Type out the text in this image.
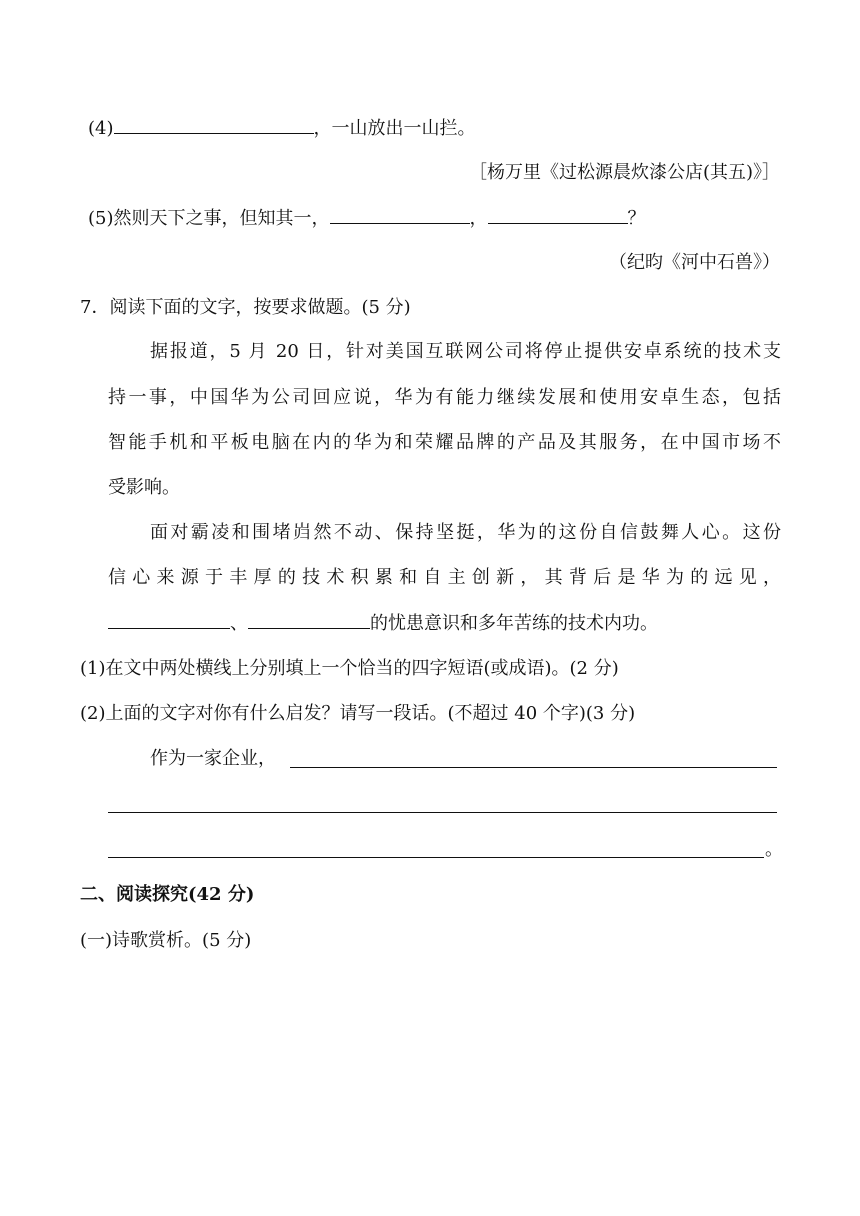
(4)	，一山放出一山拦。
［杨万里《过松源晨炊漆公店(其五)》］
(5)然则天下之事，但知其一，	，	？
（纪昀《河中石兽》）
7．阅读下面的文字，按要求做题。(5 分)
据报道，5 月 20 日，针对美国互联网公司将停止提供安卓系统的技术支
持一事，中国华为公司回应说，华为有能力继续发展和使用安卓生态，包括
智能手机和平板电脑在内的华为和荣耀品牌的产品及其服务，在中国市场不
受影响。
面对霸凌和围堵岿然不动、保持坚挺，华为的这份自信鼓舞人心。这份
信心来源于丰厚的技术积累和自主创新，其背后是华为的远见，
、	的忧患意识和多年苦练的技术内功。
(1)在文中两处横线上分别填上一个恰当的四字短语(或成语)。(2 分)
(2)上面的文字对你有什么启发？请写一段话。(不超过 40 个字)(3 分)
作为一家企业，
。
二、阅读探究(42 分)
(一)诗歌赏析。(5 分)
